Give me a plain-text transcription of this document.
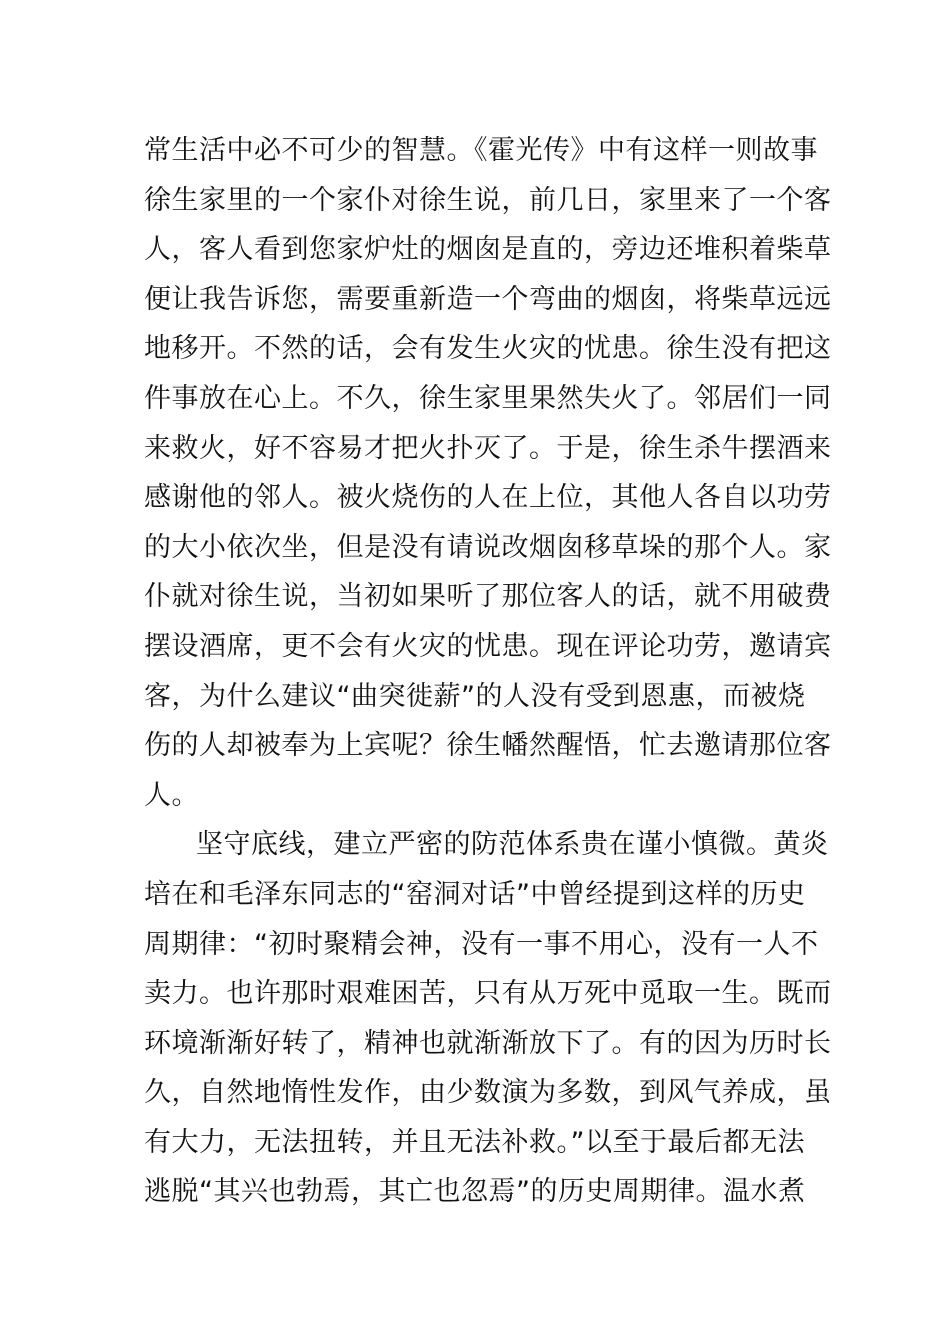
常生活中必不可少的智慧。《霍光传》中有这样一则故事
徐生家里的一个家仆对徐生说，前几日，家里来了一个客
人，客人看到您家炉灶的烟囱是直的，旁边还堆积着柴草
便让我告诉您，需要重新造一个弯曲的烟囱，将柴草远远
地移开。不然的话，会有发生火灾的忧患。徐生没有把这
件事放在心上。不久，徐生家里果然失火了。邻居们一同
来救火，好不容易才把火扑灭了。于是，徐生杀牛摆酒来
感谢他的邻人。被火烧伤的人在上位，其他人各自以功劳
的大小依次坐，但是没有请说改烟囱移草垛的那个人。家
仆就对徐生说，当初如果听了那位客人的话，就不用破费
摆设酒席，更不会有火灾的忧患。现在评论功劳，邀请宾
客，为什么建议“曲突徙薪”的人没有受到恩惠，而被烧
伤的人却被奉为上宾呢？徐生幡然醒悟，忙去邀请那位客
人。
坚守底线，建立严密的防范体系贵在谨小慎微。黄炎
培在和毛泽东同志的“窑洞对话”中曾经提到这样的历史
周期律：“初时聚精会神，没有一事不用心，没有一人不
卖力。也许那时艰难困苦，只有从万死中觅取一生。既而
环境渐渐好转了，精神也就渐渐放下了。有的因为历时长
久，自然地惰性发作，由少数演为多数，到风气养成，虽
有大力，无法扭转，并且无法补救。”以至于最后都无法
逃脱“其兴也勃焉，其亡也忽焉”的历史周期律。温水煮
